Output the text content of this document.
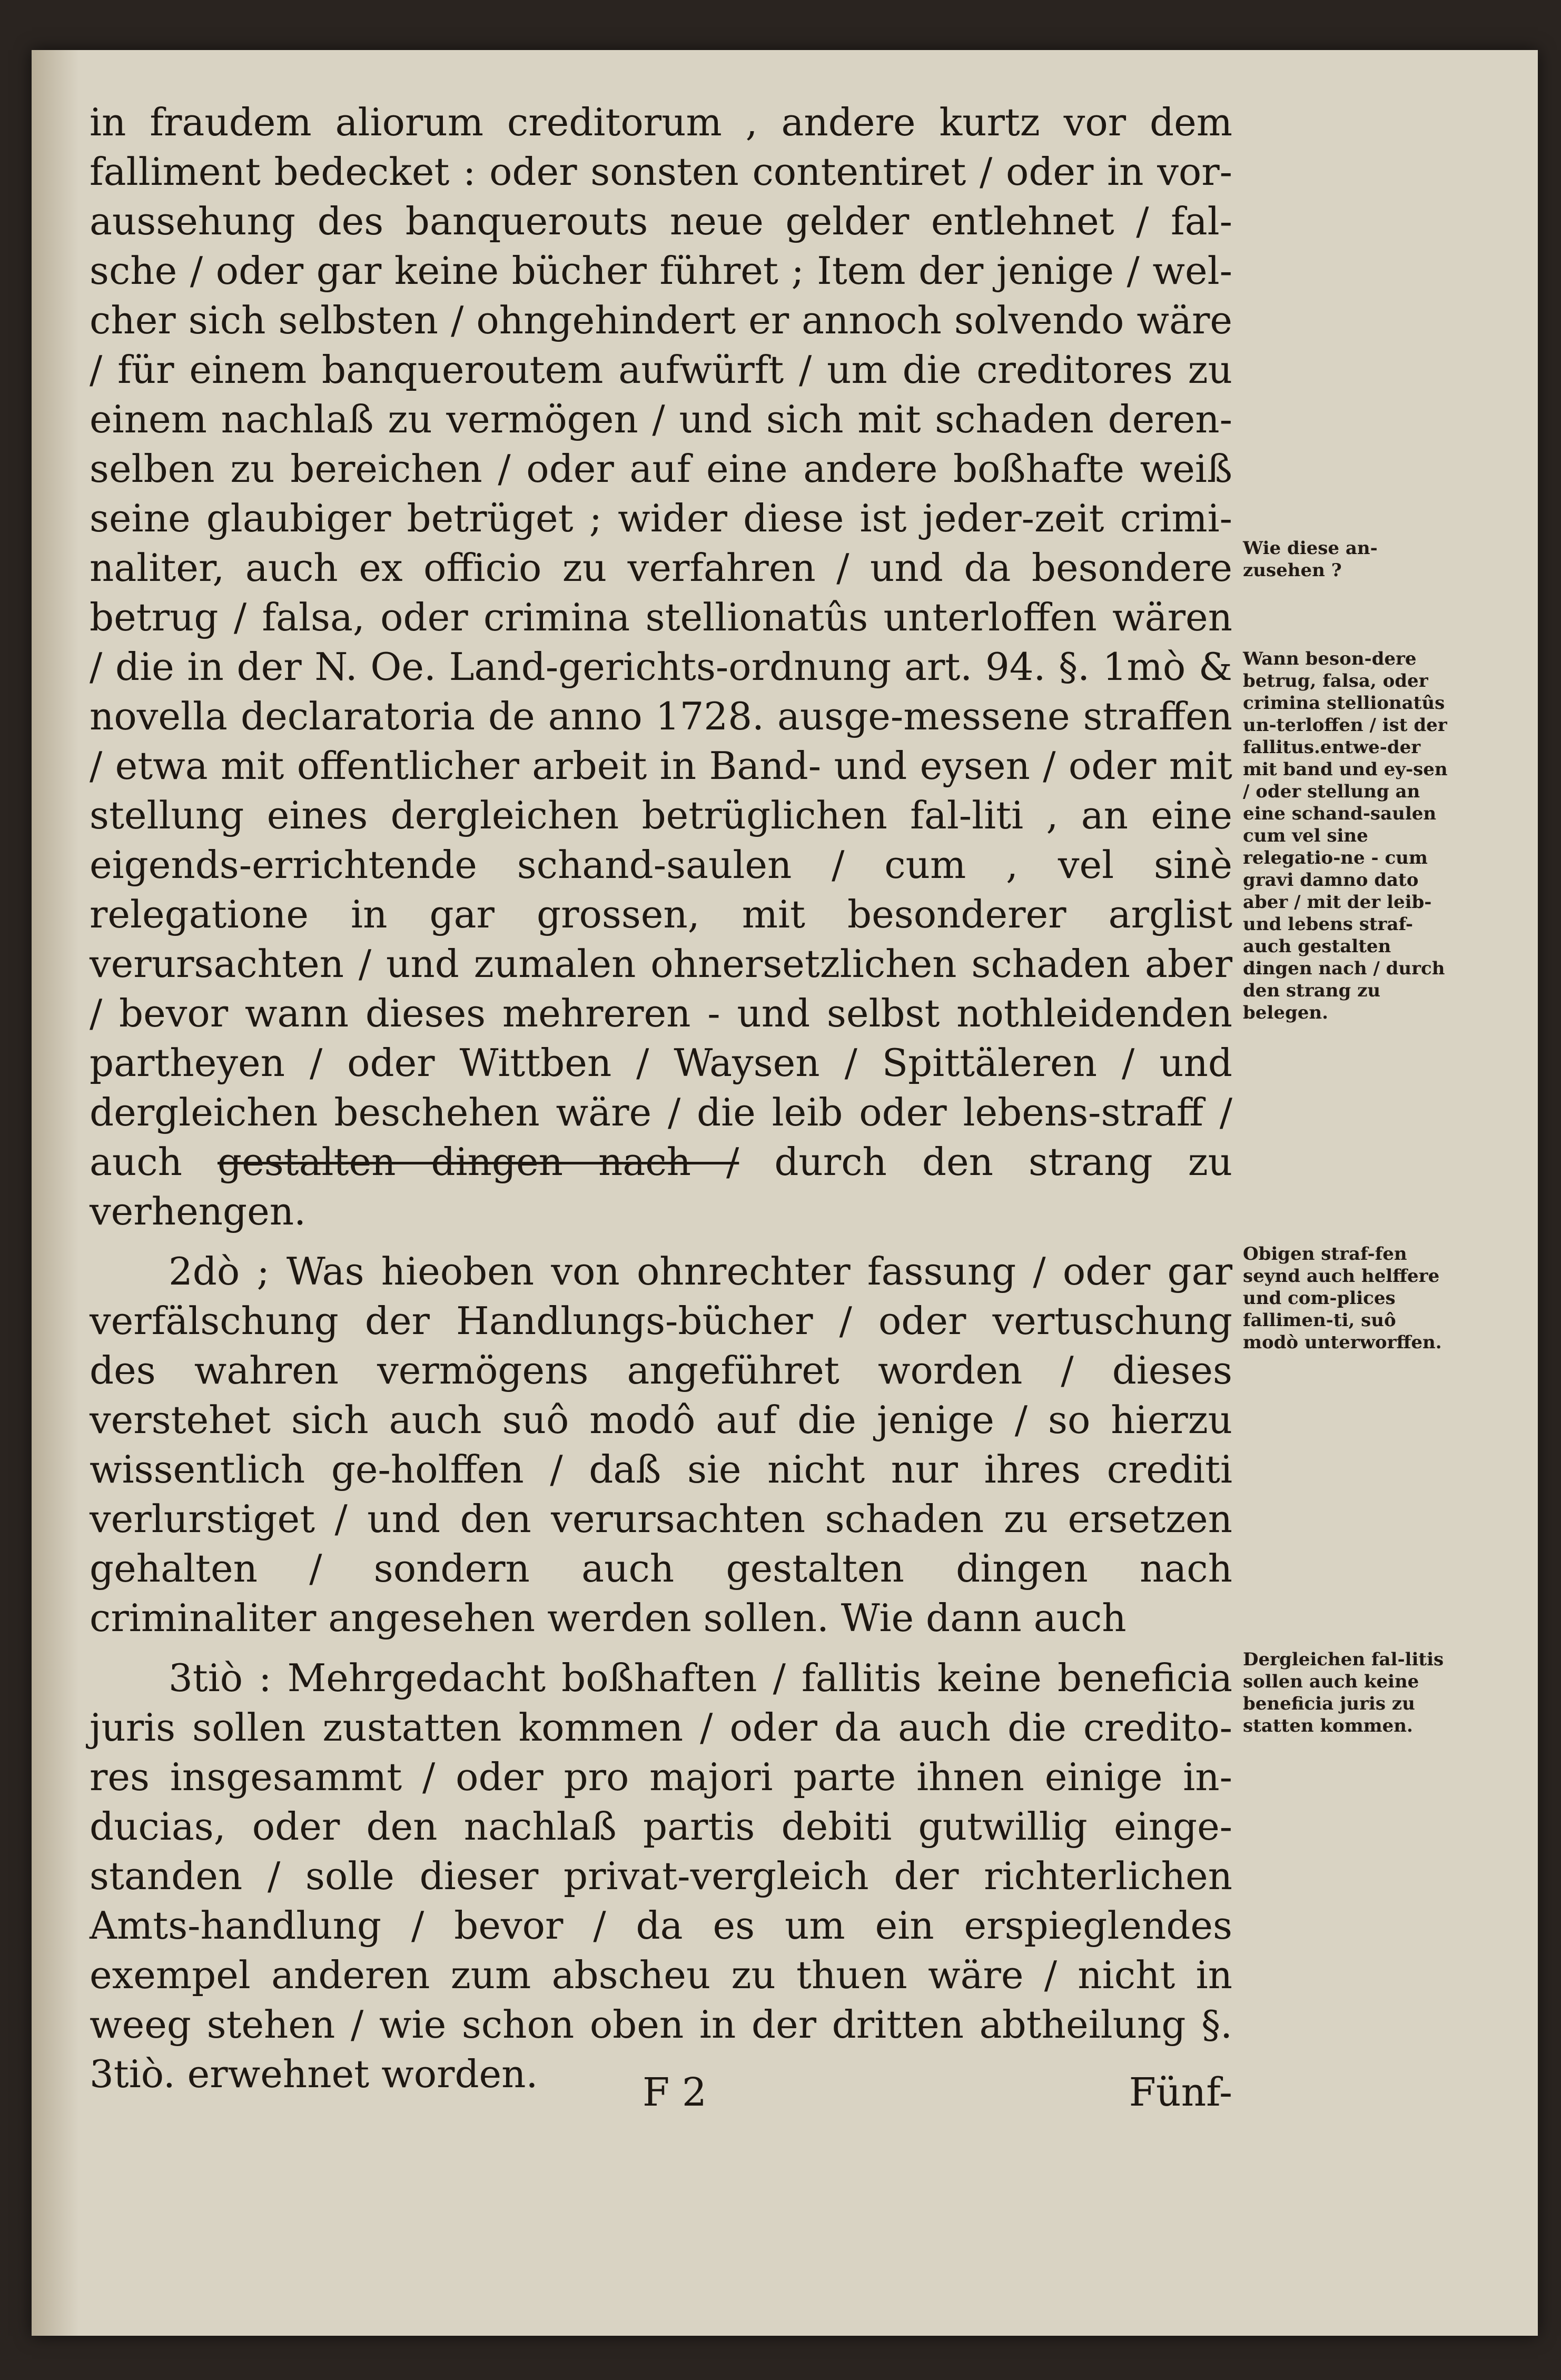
in fraudem aliorum creditorum , andere kurtz vor dem falliment bedecket : oder sonsten contentiret / oder in vor-aussehung des banquerouts neue gelder entlehnet / fal-sche / oder gar keine bücher führet ; Item der jenige / wel-cher sich selbsten / ohngehindert er annoch solvendo wäre / für einem banqueroutem aufwürft / um die creditores zu einem nachlaß zu vermögen / und sich mit schaden deren-selben zu bereichen / oder auf eine andere boßhafte weiß seine glaubiger betrüget ; wider diese ist jeder-zeit crimi-naliter, auch ex officio zu verfahren / und da besondere betrug / falsa, oder crimina stellionatûs unterloffen wären / die in der N. Oe. Land-gerichts-ordnung art. 94. §. 1mò & novella declaratoria de anno 1728. ausge-messene straffen / etwa mit offentlicher arbeit in Band- und eysen / oder mit stellung eines dergleichen betrüglichen fal-liti , an eine eigends-errichtende schand-saulen / cum , vel sinè relegatione in gar grossen, mit besonderer arglist verursachten / und zumalen ohnersetzlichen schaden aber / bevor wann dieses mehreren - und selbst nothleidenden partheyen / oder Wittben / Waysen / Spittäleren / und dergleichen beschehen wäre / die leib oder lebens-straff / auch gestalten dingen nach / durch den strang zu verhengen.

2dò ; Was hieoben von ohnrechter fassung / oder gar verfälschung der Handlungs-bücher / oder vertuschung des wahren vermögens angeführet worden / dieses verstehet sich auch suô modô auf die jenige / so hierzu wissentlich ge-holffen / daß sie nicht nur ihres crediti verlurstiget / und den verursachten schaden zu ersetzen gehalten / sondern auch gestalten dingen nach criminaliter angesehen werden sollen. Wie dann auch

3tiò : Mehrgedacht boßhaften / fallitis keine beneficia juris sollen zustatten kommen / oder da auch die credito-res insgesammt / oder pro majori parte ihnen einige in-ducias, oder den nachlaß partis debiti gutwillig einge-standen / solle dieser privat-vergleich der richterlichen Amts-handlung / bevor / da es um ein erspieglendes exempel anderen zum abscheu zu thuen wäre / nicht in weeg stehen / wie schon oben in der dritten abtheilung §. 3tiò. erwehnet worden.

Wie diese an-zusehen ?
Wann beson-dere betrug, falsa, oder crimina stellionatûs un-terloffen / ist der fallitus.entwe-der mit band und ey-sen / oder stellung an eine schand-saulen cum vel sine relegatio-ne - cum gravi damno dato aber / mit der leib-und lebens straf-auch gestalten dingen nach / durch den strang zu belegen.
Obigen straf-fen seynd auch helffere und com-plices fallimen-ti, suô modò unterworffen.
Dergleichen fal-litis sollen auch keine beneficia juris zu statten kommen.
F 2	Fünf-
